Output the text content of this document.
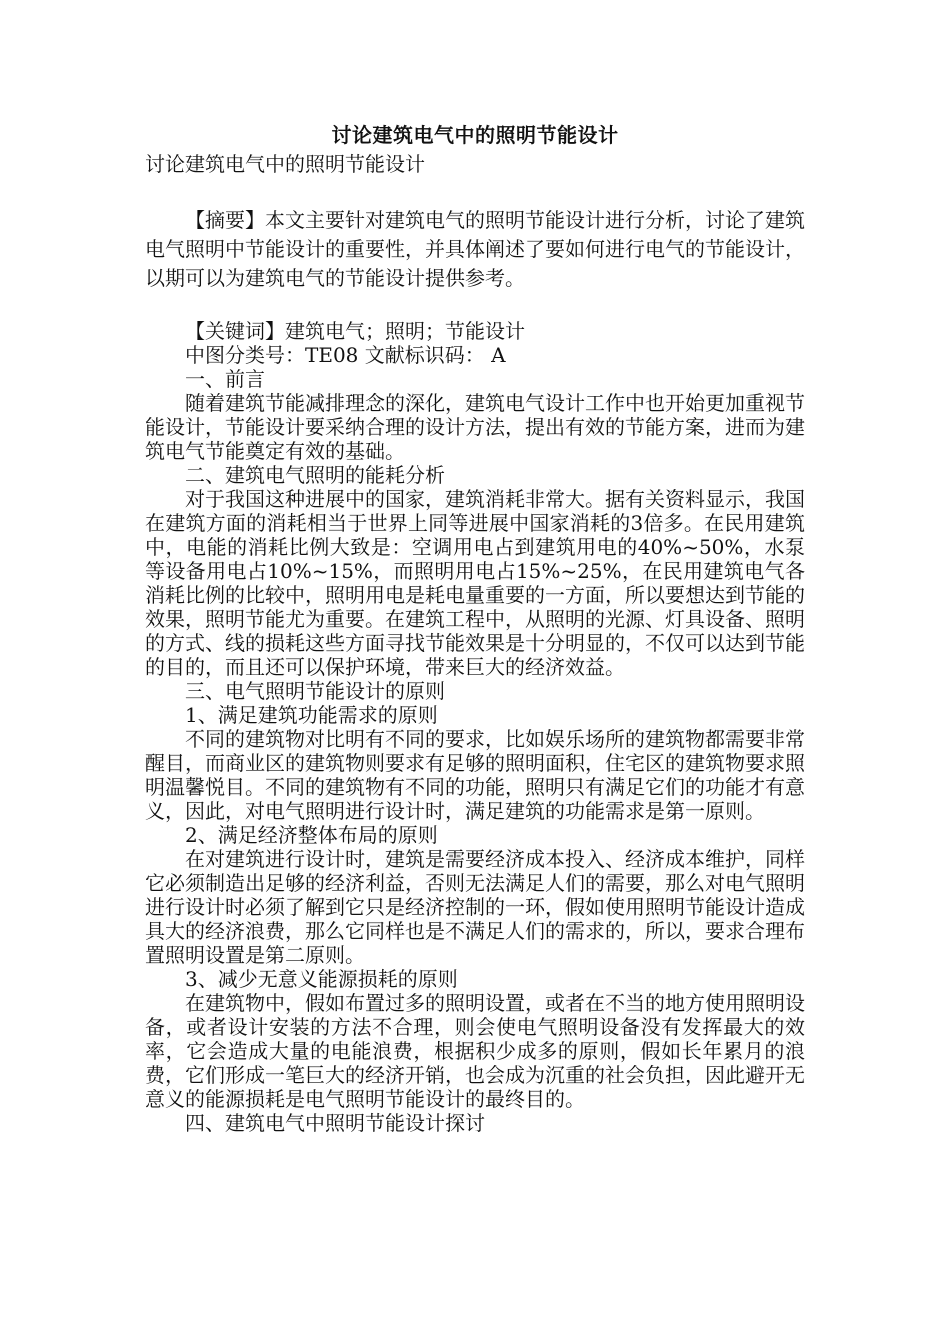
讨论建筑电气中的照明节能设计

讨论建筑电气中的照明节能设计

【摘要】本文主要针对建筑电气的照明节能设计进行分析，讨论了建筑电气照明中节能设计的重要性，并具体阐述了要如何进行电气的节能设计，以期可以为建筑电气的节能设计提供参考。

【关键词】建筑电气；照明；节能设计

中图分类号：TE08 文献标识码： A

一、前言

随着建筑节能减排理念的深化，建筑电气设计工作中也开始更加重视节能设计，节能设计要采纳合理的设计方法，提出有效的节能方案，进而为建筑电气节能奠定有效的基础。

二、建筑电气照明的能耗分析

对于我国这种进展中的国家，建筑消耗非常大。据有关资料显示，我国在建筑方面的消耗相当于世界上同等进展中国家消耗的3倍多。在民用建筑中，电能的消耗比例大致是：空调用电占到建筑用电的40%~50%，水泵等设备用电占10%~15%，而照明用电占15%~25%，在民用建筑电气各消耗比例的比较中，照明用电是耗电量重要的一方面，所以要想达到节能的效果，照明节能尤为重要。在建筑工程中，从照明的光源、灯具设备、照明的方式、线的损耗这些方面寻找节能效果是十分明显的，不仅可以达到节能的目的，而且还可以保护环境，带来巨大的经济效益。

三、电气照明节能设计的原则

1、满足建筑功能需求的原则

不同的建筑物对比明有不同的要求，比如娱乐场所的建筑物都需要非常醒目，而商业区的建筑物则要求有足够的照明面积，住宅区的建筑物要求照明温馨悦目。不同的建筑物有不同的功能，照明只有满足它们的功能才有意义，因此，对电气照明进行设计时，满足建筑的功能需求是第一原则。

2、满足经济整体布局的原则

在对建筑进行设计时，建筑是需要经济成本投入、经济成本维护，同样它必须制造出足够的经济利益，否则无法满足人们的需要，那么对电气照明进行设计时必须了解到它只是经济控制的一环，假如使用照明节能设计造成具大的经济浪费，那么它同样也是不满足人们的需求的，所以，要求合理布置照明设置是第二原则。

3、减少无意义能源损耗的原则

在建筑物中，假如布置过多的照明设置，或者在不当的地方使用照明设备，或者设计安装的方法不合理，则会使电气照明设备没有发挥最大的效率，它会造成大量的电能浪费，根据积少成多的原则，假如长年累月的浪费，它们形成一笔巨大的经济开销，也会成为沉重的社会负担，因此避开无意义的能源损耗是电气照明节能设计的最终目的。

四、建筑电气中照明节能设计探讨
